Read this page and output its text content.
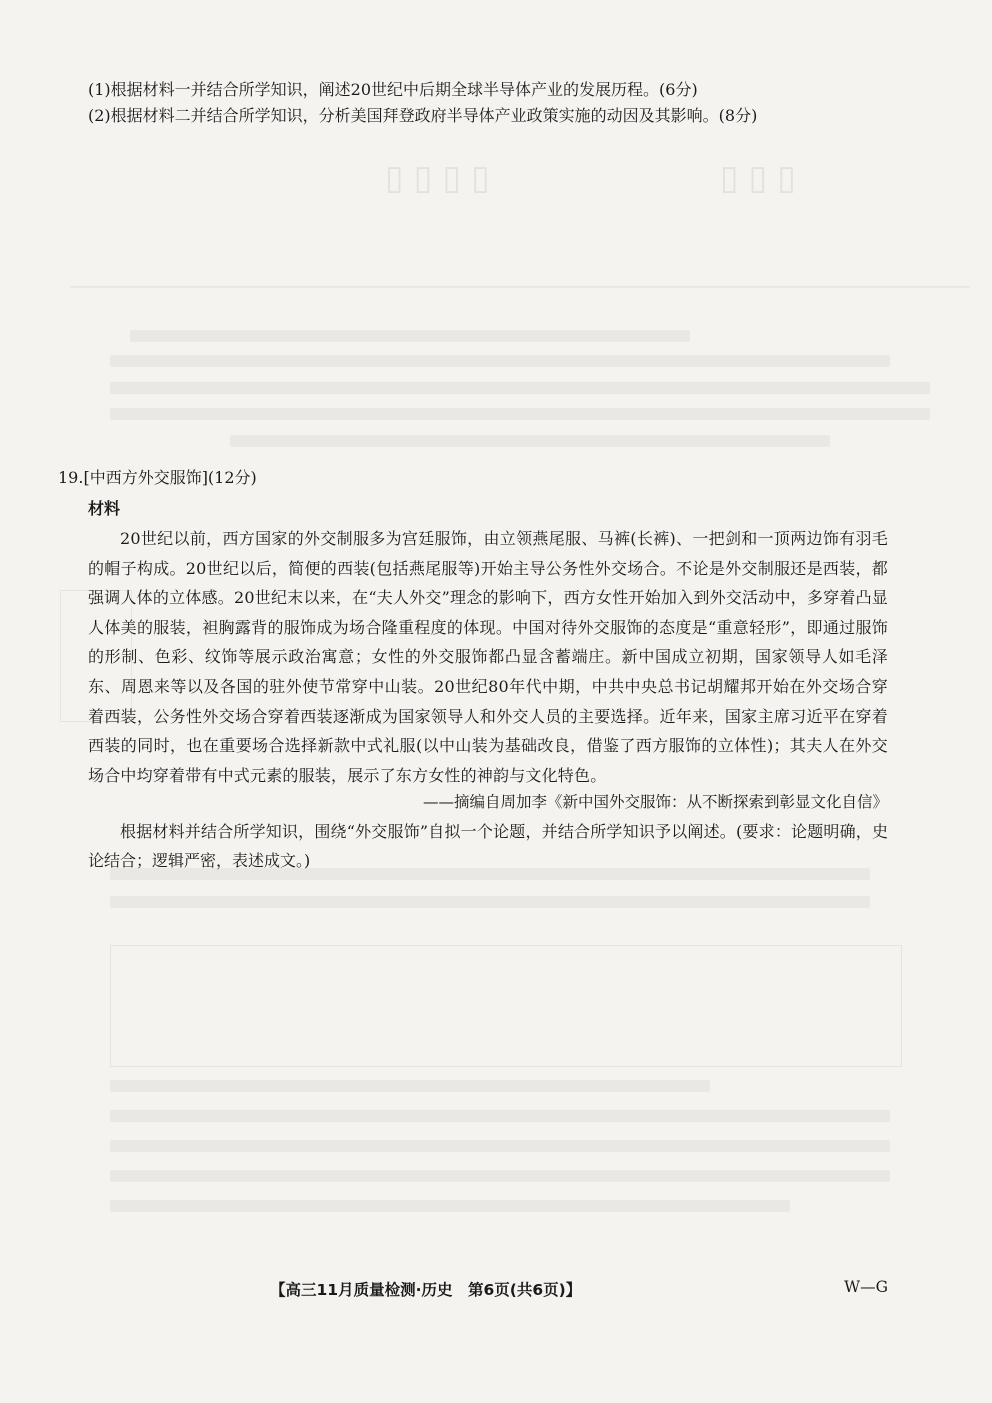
▯▯▯▯　　　　　▯▯▯
(1)根据材料一并结合所学知识，阐述20世纪中后期全球半导体产业的发展历程。(6分)
(2)根据材料二并结合所学知识，分析美国拜登政府半导体产业政策实施的动因及其影响。(8分)
19.[中西方外交服饰](12分)
材料
20世纪以前，西方国家的外交制服多为宫廷服饰，由立领燕尾服、马裤(长裤)、一把剑和一顶两边饰有羽毛的帽子构成。20世纪以后，简便的西装(包括燕尾服等)开始主导公务性外交场合。不论是外交制服还是西装，都强调人体的立体感。20世纪末以来，在“夫人外交”理念的影响下，西方女性开始加入到外交活动中，多穿着凸显人体美的服装，袒胸露背的服饰成为场合隆重程度的体现。中国对待外交服饰的态度是“重意轻形”，即通过服饰的形制、色彩、纹饰等展示政治寓意；女性的外交服饰都凸显含蓄端庄。新中国成立初期，国家领导人如毛泽东、周恩来等以及各国的驻外使节常穿中山装。20世纪80年代中期，中共中央总书记胡耀邦开始在外交场合穿着西装，公务性外交场合穿着西装逐渐成为国家领导人和外交人员的主要选择。近年来，国家主席习近平在穿着西装的同时，也在重要场合选择新款中式礼服(以中山装为基础改良，借鉴了西方服饰的立体性)；其夫人在外交场合中均穿着带有中式元素的服装，展示了东方女性的神韵与文化特色。
——摘编自周加李《新中国外交服饰：从不断探索到彰显文化自信》
根据材料并结合所学知识，围绕“外交服饰”自拟一个论题，并结合所学知识予以阐述。(要求：论题明确，史论结合；逻辑严密，表述成文。)
【高三11月质量检测·历史　第6页(共6页)】	W—G
